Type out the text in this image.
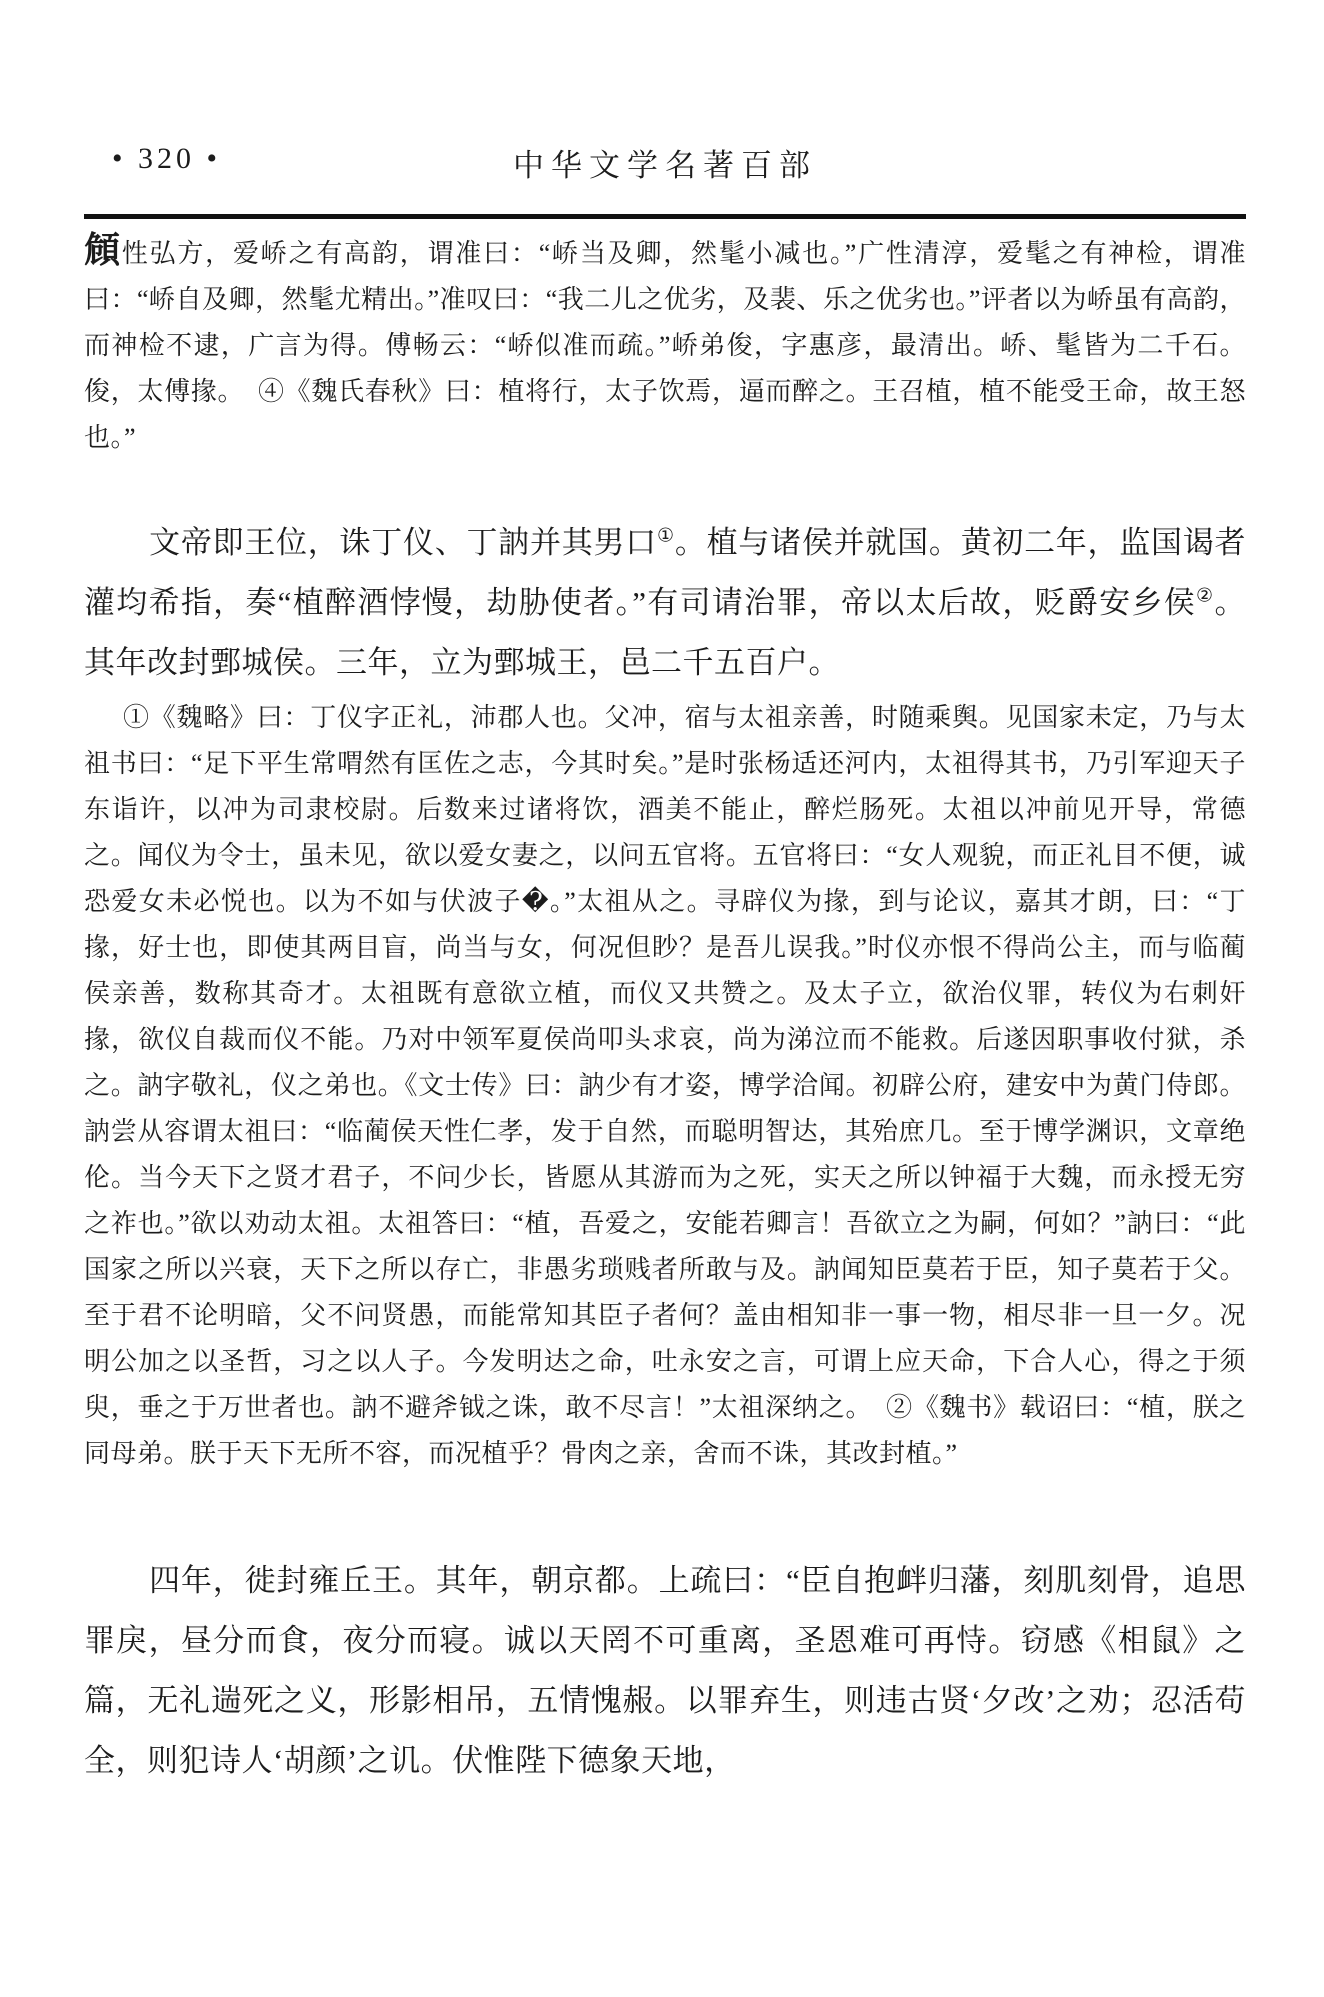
• 320 •	中华文学名著百部

頠性弘方，爱峤之有高韵，谓准曰：“峤当及卿，然髦小减也。”广性清淳，爱髦之有神检，谓准曰：“峤自及卿，然髦尤精出。”准叹曰：“我二儿之优劣，及裴、乐之优劣也。”评者以为峤虽有高韵，而神检不逮，广言为得。傅畅云：“峤似准而疏。”峤弟俊，字惠彦，最清出。峤、髦皆为二千石。俊，太傅掾。　④《魏氏春秋》曰：植将行，太子饮焉，逼而醉之。王召植，植不能受王命，故王怒也。”

文帝即王位，诛丁仪、丁訥并其男口①。植与诸侯并就国。黄初二年，监国谒者灌均希指，奏“植醉酒悖慢，劫胁使者。”有司请治罪，帝以太后故，贬爵安乡侯②。其年改封鄄城侯。三年，立为鄄城王，邑二千五百户。

①《魏略》曰：丁仪字正礼，沛郡人也。父冲，宿与太祖亲善，时随乘舆。见国家未定，乃与太祖书曰：“足下平生常喟然有匡佐之志，今其时矣。”是时张杨适还河内，太祖得其书，乃引军迎天子东诣许，以冲为司隶校尉。后数来过诸将饮，酒美不能止，醉烂肠死。太祖以冲前见开导，常德之。闻仪为令士，虽未见，欲以爱女妻之，以问五官将。五官将曰：“女人观貌，而正礼目不便，诚恐爱女未必悦也。以为不如与伏波子�。”太祖从之。寻辟仪为掾，到与论议，嘉其才朗，曰：“丁掾，好士也，即使其两目盲，尚当与女，何况但眇？是吾儿误我。”时仪亦恨不得尚公主，而与临蔺侯亲善，数称其奇才。太祖既有意欲立植，而仪又共赞之。及太子立，欲治仪罪，转仪为右刺奸掾，欲仪自裁而仪不能。乃对中领军夏侯尚叩头求哀，尚为涕泣而不能救。后遂因职事收付狱，杀之。訥字敬礼，仪之弟也。《文士传》曰：訥少有才姿，博学洽闻。初辟公府，建安中为黄门侍郎。訥尝从容谓太祖曰：“临蔺侯天性仁孝，发于自然，而聪明智达，其殆庶几。至于博学渊识，文章绝伦。当今天下之贤才君子，不问少长，皆愿从其游而为之死，实天之所以钟福于大魏，而永授无穷之祚也。”欲以劝动太祖。太祖答曰：“植，吾爱之，安能若卿言！吾欲立之为嗣，何如？”訥曰：“此国家之所以兴衰，天下之所以存亡，非愚劣琐贱者所敢与及。訥闻知臣莫若于臣，知子莫若于父。至于君不论明暗，父不问贤愚，而能常知其臣子者何？盖由相知非一事一物，相尽非一旦一夕。况明公加之以圣哲，习之以人子。今发明达之命，吐永安之言，可谓上应天命，下合人心，得之于须臾，垂之于万世者也。訥不避斧钺之诛，敢不尽言！”太祖深纳之。　②《魏书》载诏曰：“植，朕之同母弟。朕于天下无所不容，而况植乎？骨肉之亲，舍而不诛，其改封植。”

四年，徙封雍丘王。其年，朝京都。上疏曰：“臣自抱衅归藩，刻肌刻骨，追思罪戾，昼分而食，夜分而寝。诚以天罔不可重离，圣恩难可再恃。窃感《相鼠》之篇，无礼遄死之义，形影相吊，五情愧赧。以罪弃生，则违古贤‘夕改’之劝；忍活苟全，则犯诗人‘胡颜’之讥。伏惟陛下德象天地，
